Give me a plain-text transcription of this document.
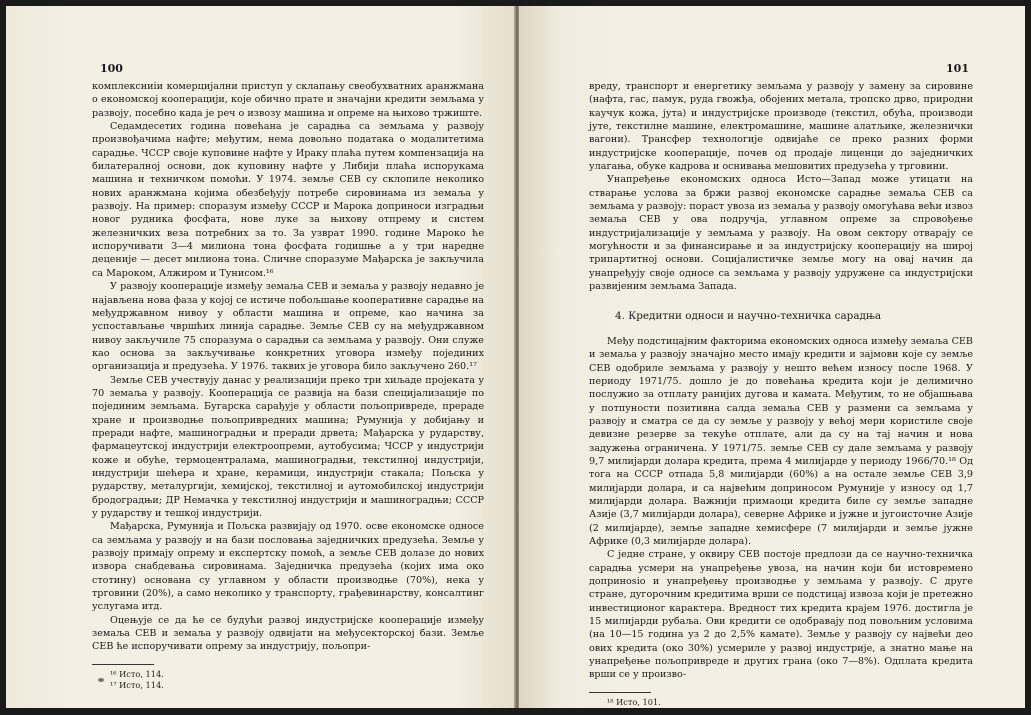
100

комплексниіи комерцијални приступ у склапању свеобухватних аранжмана о економској кооперацији, које обично прате и значајни кредити земљама у развоју, посебно када је реч о извозу машина и опреме на њихово тржиште.

Седамдесетих година повећана је сарадња са земљама у развоју произвођачима нафте; међутим, нема довољно података о модалитетима сарадње. ЧССР своје куповине нафте у Ираку плаћа путем компензација на билатералној основи, док куповину нафте у Либији плаћа испорукама машина и техничком помоћи. У 1974. земље СЕВ су склопиле неколико нових аранжмана којима обезбеђују потребе сировинама из земаља у развоју. На пример: споразум између СССР и Марока доприноси изградњи новог рудника фосфата, нове луке за њихову отпрему и систем железничких веза потребних за то. За узврат 1990. године Мароко ће испоручивати 3—4 милиона тона фосфата годишње а у три наредне деценије — десет милиона тона. Сличне споразуме Мађарска је закључила са Мароком, Алжиром и Тунисом.¹⁶

У развоју кооперације између земаља СЕВ и земаља у развоју недавно је најављена нова фаза у којој се истиче побољшање кооперативне сарадње на међудржавном нивоу у области машина и опреме, као начина за успостављање чвршћих линија сарадње. Земље СЕВ су на међудржавном нивоу закључиле 75 споразума о сарадњи са земљама у развоју. Они служе као основа за закључивање конкретних уговора између појединих организација и предузећа. У 1976. таквих је уговора било закључено 260.¹⁷

Земље СЕВ учествују данас у реализацији преко три хиљаде пројеката у 70 земаља у развоју. Кооперација се развија на бази специјализације по појединим земљама. Бугарска сарађује у области пољопривреде, прераде хране и производње пољопривредних машина; Румунија у добијању и преради нафте, машиноградњи и преради дрвета; Мађарска у рударству, фармацеутској индустрији електроопреми, аутобусима; ЧССР у индустрији коже и обуће, термоцентралама, машиноградњи, текстилној индустрији, индустрији шећера и хране, керамици, индустрији стакала; Пољска у рударству, металургији, хемијској, текстилној и аутомобилској индустрији бродоградњи; ДР Немачка у текстилној индустрији и машиноградњи; СССР у рударству и тешкој индустрији.

Мађарска, Румунија и Пољска развијају од 1970. осве економске односе са земљама у развоју и на бази пословања заједничких предузећа. Земље у развоју примају опрему и експертску помоћ, а земље СЕВ долазе до нових извора снабдевања сировинама. Заједничка предузећа (којих има око стотину) основана су углавном у области производње (70%), нека у трговини (20%), а само неколико у транспорту, грађевинарству, консалтинг услугама итд.

Оцењује се да ће се будући развој индустријске кооперације између земаља СЕВ и земаља у развоју одвијати на међусекторској бази. Земље СЕВ ће испоручивати опрему за индустрију, пољопри-

¹⁶ Исто, 114.
¹⁷ Исто, 114.
101

вреду, транспорт и енергетику земљама у развоју у замену за сировине (нафта, гас, памук, руда гвожђа, обојених метала, тропско дрво, природни каучук кожа, јута) и индустријске производе (текстил, обућа, производи јуте, текстилне машине, електромашине, машине алатљике, железнички вагони). Трансфер технологије одвијаће се преко разних форми индустријске кооперације, почев од продаје лиценци до заједничких улагања, обуке кадрова и оснивања мешовитих предузећа у трговини.

Унапређење економских односа Исто—Запад може утицати на стварање услова за бржи развој економске сарадње земаља СЕВ са земљама у развоју: пораст увоза из земаља у развоју омогућава већи извоз земаља СЕВ у ова подручја, углавном опреме за спровођење индустријализације у земљама у развоју. На овом сектору отварају се могућности и за финансирање и за индустријску кооперацију на широј трипартитној основи. Социјалистичке земље могу на овај начин да унапређују своје односе са земљама у развоју удружене са индустријски развијеним земљама Запада.

4. Кредитни односи и научно-техничка сарадња

Међу подстицајним факторима економских односа између земаља СЕВ и земаља у развоју значајно место имају кредити и зајмови које су земље СЕВ одобриле земљама у развоју у нешто већем износу после 1968. У периоду 1971/75. дошло је до повећања кредита који је делимично послужио за отплату ранијих дугова и камата. Међутим, то не објашњава у потпуности позитивна салда земаља СЕВ у размени са земљама у развоју и сматра се да су земље у развоју у већој мери користиле своје девизне резерве за текуће отплате, али да су на тај начин и нова задужења ограничена. У 1971/75. земље СЕВ су дале земљама у развоју 9,7 милијарди долара кредита, према 4 милијарде у периоду 1966/70.¹⁸ Од тога на СССР отпада 5,8 милијарди (60%) а на остале земље СЕВ 3,9 милијарди долара, и са највећим доприносом Румуније у износу од 1,7 милијарди долара. Важнији примаоци кредита биле су земље западне Азије (3,7 милијарди долара), северне Африке и јужне и југоисточне Азије (2 милијарде), земље западне хемисфере (7 милијарди и земље јужне Африке (0,3 милијарде долара).

С једне стране, у оквиру СЕВ постоје предлози да се научно-техничка сарадња усмери на унапређење увоза, на начин који би истовремено допринosio и унапређењу производње у земљама у развоју. С друге стране, дугорочним кредитима врши се подстицај извоза који је претежно инвестиционог карактера. Вредност тих кредита крајем 1976. достигла је 15 милијарди рубаља. Ови кредити се одобравају под повољним условима (на 10—15 година уз 2 до 2,5% камате). Земље у развоју су највећи део ових кредита (око 30%) усмериле у развој индустрије, а знатно мање на унапређење пољопривреде и других грана (око 7—8%). Одплата кредита врши се у произво-

¹⁸ Исто, 101.
